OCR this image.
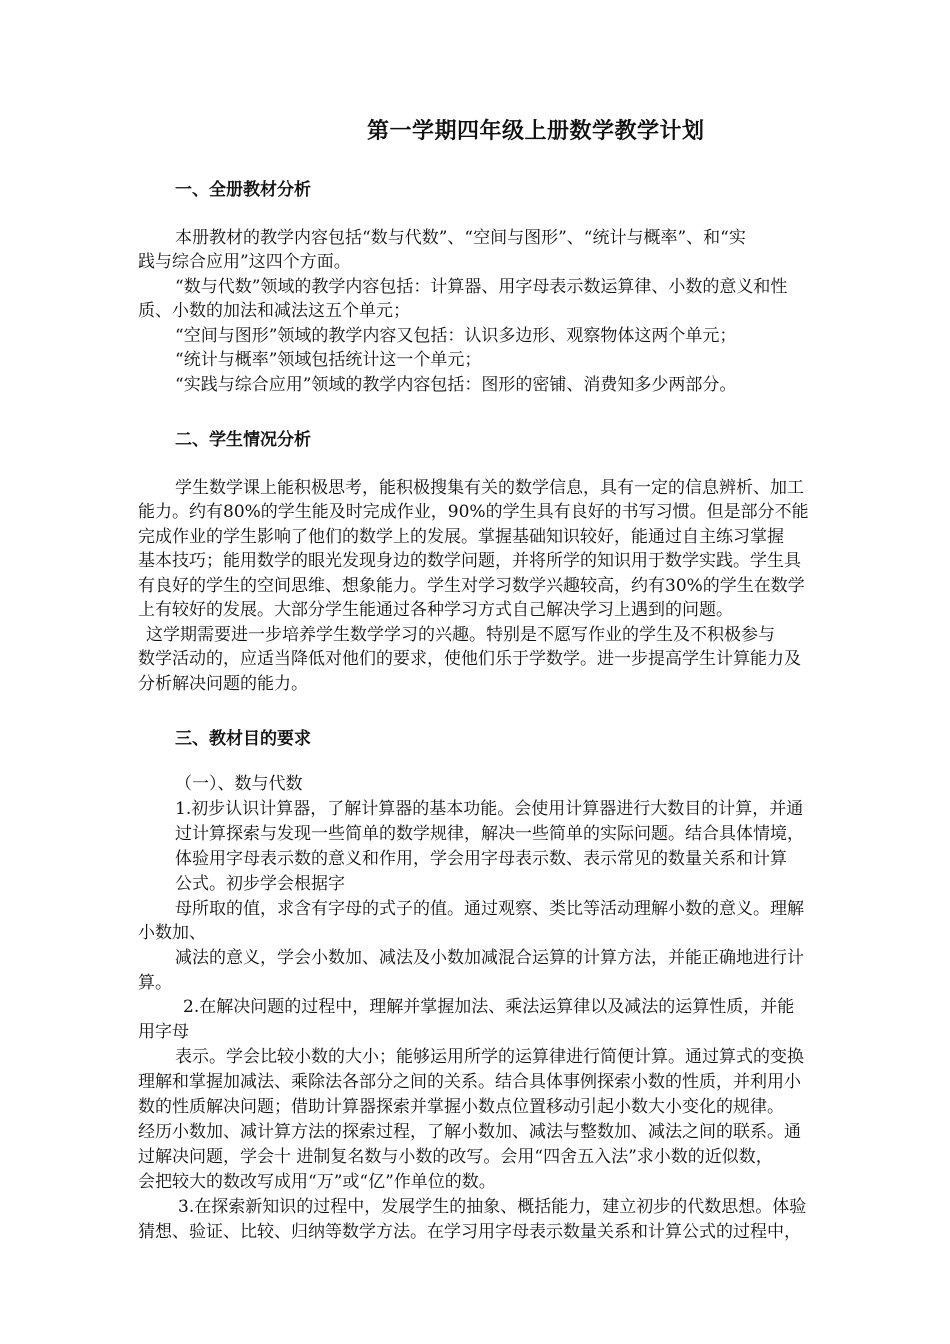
第一学期四年级上册数学教学计划
一、全册教材分析
本册教材的教学内容包括“数与代数”、“空间与图形”、“统计与概率”、和“实
践与综合应用”这四个方面。
“数与代数”领域的教学内容包括：计算器、用字母表示数运算律、小数的意义和性
质、小数的加法和减法这五个单元；
“空间与图形”领域的教学内容又包括：认识多边形、观察物体这两个单元；
“统计与概率”领域包括统计这一个单元；
“实践与综合应用”领域的教学内容包括：图形的密铺、消费知多少两部分。
二、学生情况分析
学生数学课上能积极思考，能积极搜集有关的数学信息，具有一定的信息辨析、加工
能力。约有80%的学生能及时完成作业，90%的学生具有良好的书写习惯。但是部分不能
完成作业的学生影响了他们的数学上的发展。掌握基础知识较好，能通过自主练习掌握
基本技巧；能用数学的眼光发现身边的数学问题，并将所学的知识用于数学实践。学生具
有良好的学生的空间思维、想象能力。学生对学习数学兴趣较高，约有30%的学生在数学
上有较好的发展。大部分学生能通过各种学习方式自己解决学习上遇到的问题。
这学期需要进一步培养学生数学学习的兴趣。特别是不愿写作业的学生及不积极参与
数学活动的，应适当降低对他们的要求，使他们乐于学数学。进一步提高学生计算能力及
分析解决问题的能力。
三、教材目的要求
（一）、数与代数
1.初步认识计算器，了解计算器的基本功能。会使用计算器进行大数目的计算，并通
过计算探索与发现一些简单的数学规律，解决一些简单的实际问题。结合具体情境，
体验用字母表示数的意义和作用，学会用字母表示数、表示常见的数量关系和计算
公式。初步学会根据字
母所取的值，求含有字母的式子的值。通过观察、类比等活动理解小数的意义。理解
小数加、
减法的意义，学会小数加、减法及小数加减混合运算的计算方法，并能正确地进行计
算。
2.在解决问题的过程中，理解并掌握加法、乘法运算律以及减法的运算性质，并能
用字母
表示。学会比较小数的大小；能够运用所学的运算律进行简便计算。通过算式的变换
理解和掌握加减法、乘除法各部分之间的关系。结合具体事例探索小数的性质，并利用小
数的性质解决问题；借助计算器探索并掌握小数点位置移动引起小数大小变化的规律。
经历小数加、减计算方法的探索过程，了解小数加、减法与整数加、减法之间的联系。通
过解决问题，学会十 进制复名数与小数的改写。会用“四舍五入法”求小数的近似数，
会把较大的数改写成用“万”或“亿”作单位的数。
3.在探索新知识的过程中，发展学生的抽象、概括能力，建立初步的代数思想。体验
猜想、验证、比较、归纳等数学方法。在学习用字母表示数量关系和计算公式的过程中，
